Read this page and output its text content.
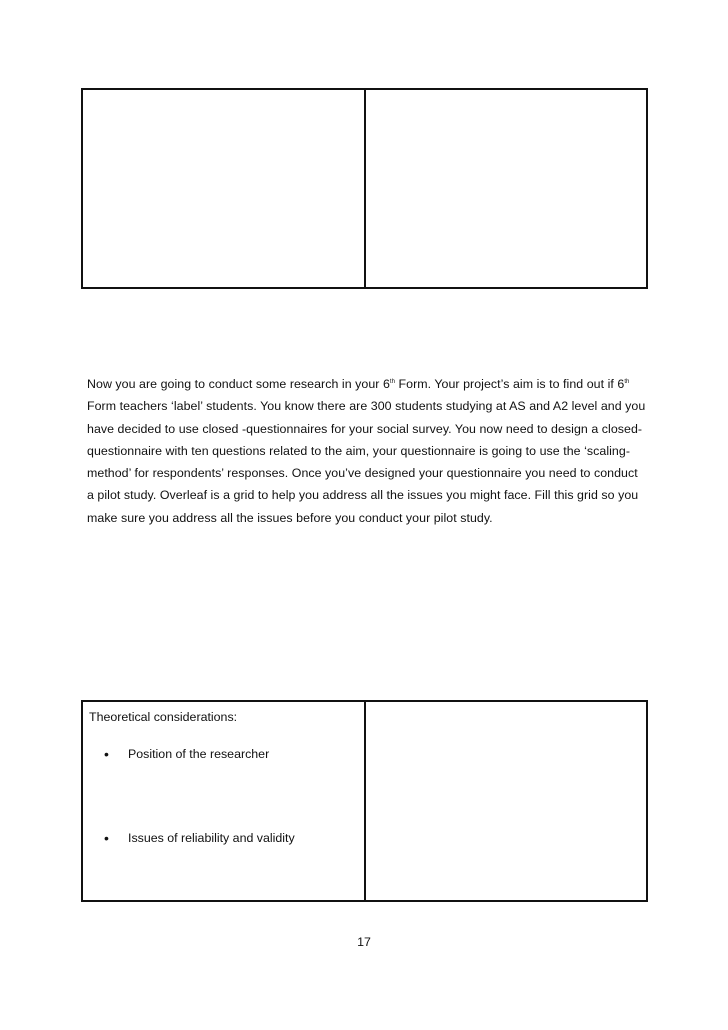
Now you are going to conduct some research in your 6th Form. Your project’s aim is to find out if 6th Form teachers ‘label’ students. You know there are 300 students studying at AS and A2 level and you have decided to use closed -questionnaires for your social survey. You now need to design a closed-questionnaire with ten questions related to the aim, your questionnaire is going to use the ‘scaling-method’ for respondents’ responses. Once you’ve designed your questionnaire you need to conduct a pilot study. Overleaf is a grid to help you address all the issues you might face. Fill this grid so you make sure you address all the issues before you conduct your pilot study.
Theoretical considerations:
•	Position of the researcher
•	Issues of reliability and validity
17
